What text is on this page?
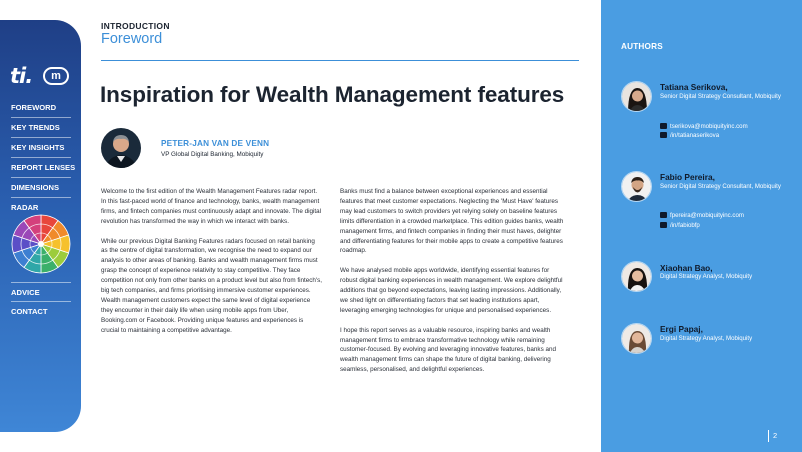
ti.	m
FOREWORD
KEY TRENDS
KEY INSIGHTS
REPORT LENSES
DIMENSIONS
RADAR
ADVICE
CONTACT
INTRODUCTION
Foreword
Inspiration for Wealth Management features
PETER-JAN VAN DE VENN
VP Global Digital Banking, Mobiquity

Welcome to the first edition of the Wealth Management Features radar report. In this fast-paced world of finance and technology, banks, wealth management firms, and fintech companies must continuously adapt and innovate. The digital revolution has transformed the way in which we interact with banks.

While our previous Digital Banking Features radars focused on retail banking as the centre of digital transformation, we recognise the need to expand our analysis to other areas of banking. Banks and wealth management firms must grasp the concept of experience relativity to stay competitive. They face competition not only from other banks on a product level but also from fintech's, big tech companies, and firms prioritising immersive customer experiences. Wealth management customers expect the same level of digital experience they encounter in their daily life when using mobile apps from Uber, Booking.com or Facebook. Providing unique features and experiences is crucial to maintaining a competitive advantage.

Banks must find a balance between exceptional experiences and essential features that meet customer expectations. Neglecting the 'Must Have' features may lead customers to switch providers yet relying solely on baseline features limits differentiation in a crowded marketplace. This edition guides banks, wealth management firms, and fintech companies in finding their must haves, delighter and differentiating features for their mobile apps to create a competitive features roadmap.

We have analysed mobile apps worldwide, identifying essential features for robust digital banking experiences in wealth management. We explore delightful additions that go beyond expectations, leaving lasting impressions. Additionally, we shed light on differentiating factors that set leading institutions apart, leveraging emerging technologies for unique and personalised experiences.

I hope this report serves as a valuable resource, inspiring banks and wealth management firms to embrace transformative technology while remaining customer-focused. By evolving and leveraging innovative features, banks and wealth management firms can shape the future of digital banking, delivering seamless, personalised, and delightful experiences.

AUTHORS
Tatiana Serikova,
Senior Digital Strategy Consultant, Mobiquity
tserikova@mobiquityinc.com
/in/tatianaserikova
Fabio Pereira,
Senior Digital Strategy Consultant, Mobiquity
fpereira@mobiquityinc.com
/in/fabiobfp
Xiaohan Bao,
Digital Strategy Analyst, Mobiquity
Ergi Papaj,
Digital Strategy Analyst, Mobiquity
2
